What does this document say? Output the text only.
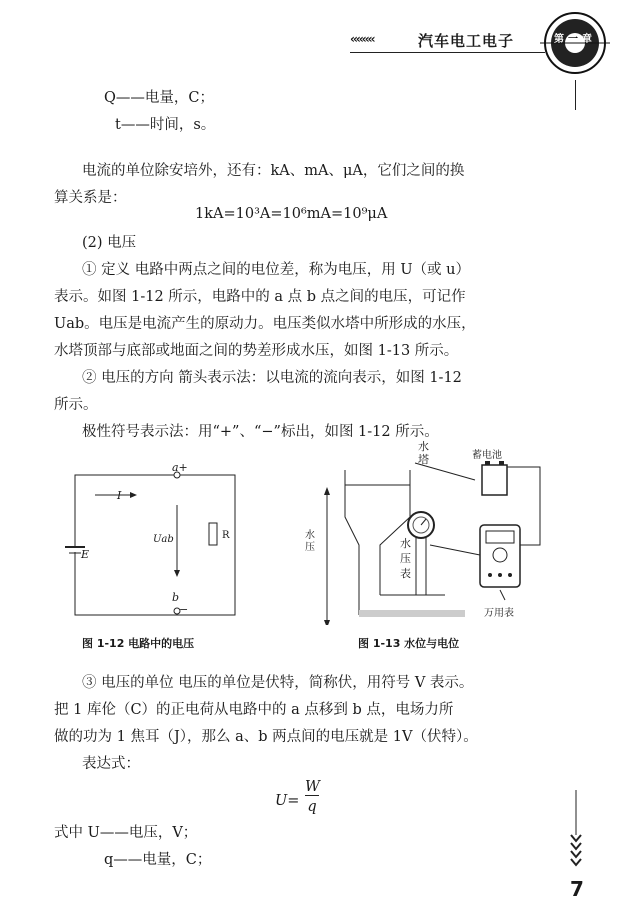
‹‹‹‹‹‹‹‹	汽车电工电子	第一章
Q——电量，C；
t——时间，s。
电流的单位除安培外，还有：kA、mA、μA，它们之间的换
算关系是：
1kA=10³A=10⁶mA=10⁹μA
(2) 电压
① 定义 电路中两点之间的电位差，称为电压，用 U（或 u）
表示。如图 1-12 所示，电路中的 a 点 b 点之间的电压，可记作
Uab。电压是电流产生的原动力。电压类似水塔中所形成的水压，
水塔顶部与底部或地面之间的势差形成水压，如图 1-13 所示。
② 电压的方向 箭头表示法：以电流的流向表示，如图 1-12
所示。
极性符号表示法：用“+”、“−”标出，如图 1-12 所示。
a+
I
Uab	R
E
b
−
图 1-12 电路中的电压
水
塔	蓄电池
水压	水
压
表
万用表
图 1-13 水位与电位
③ 电压的单位 电压的单位是伏特，简称伏，用符号 V 表示。
把 1 库伦（C）的正电荷从电路中的 a 点移到 b 点，电场力所
做的功为 1 焦耳（J），那么 a、b 两点间的电压就是 1V（伏特）。
表达式：
U=
W
q
式中 U——电压，V；
q——电量，C；
7
